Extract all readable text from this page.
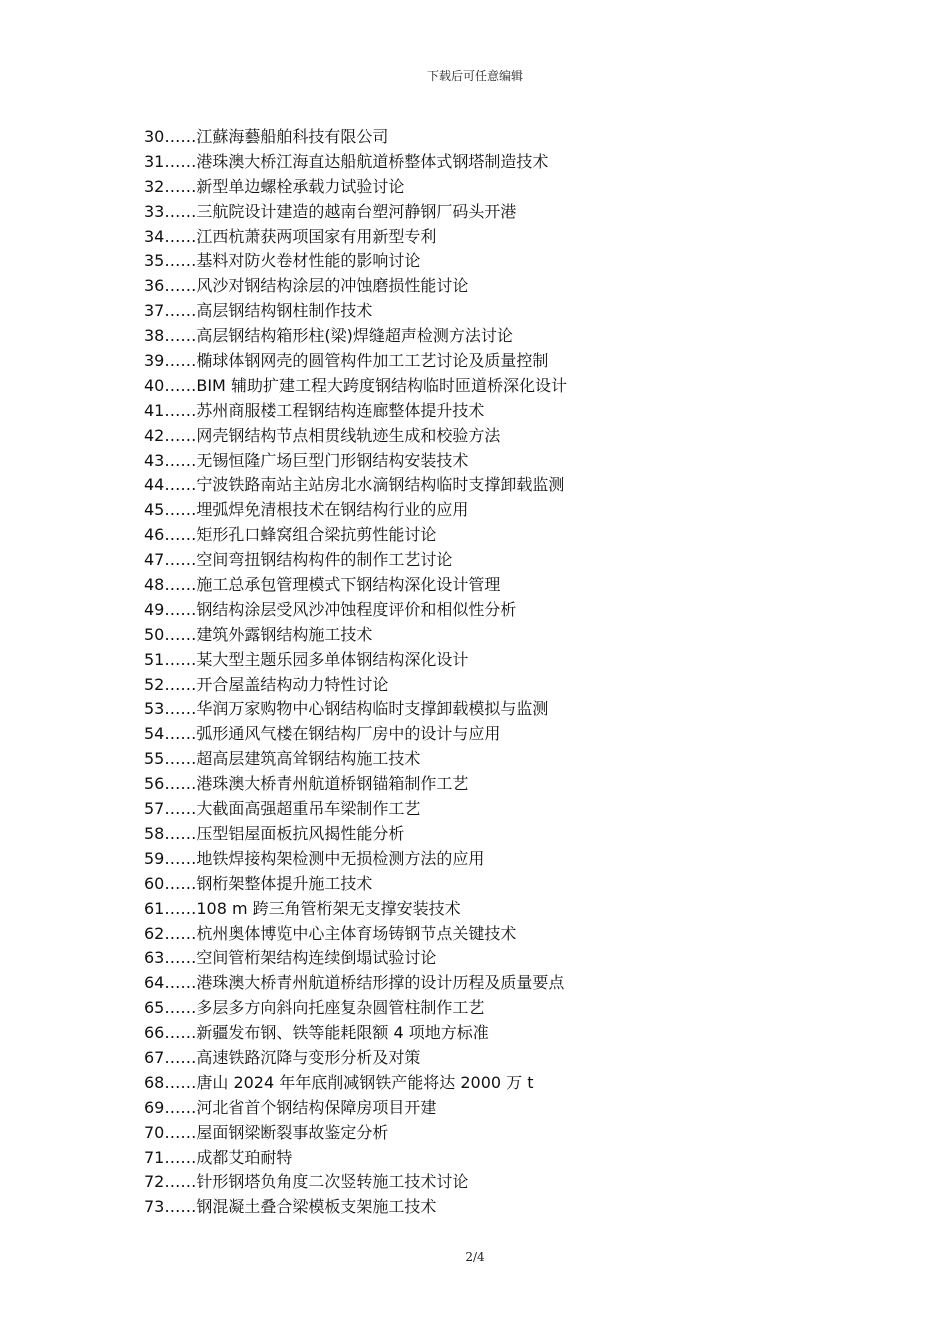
下载后可任意编辑
30……江蘇海藝船舶科技有限公司
31……港珠澳大桥江海直达船航道桥整体式钢塔制造技术
32……新型单边螺栓承载力试验讨论
33……三航院设计建造的越南台塑河静钢厂码头开港
34……江西杭萧获两项国家有用新型专利
35……基料对防火卷材性能的影响讨论
36……风沙对钢结构涂层的冲蚀磨损性能讨论
37……高层钢结构钢柱制作技术
38……高层钢结构箱形柱(梁)焊缝超声检测方法讨论
39……椭球体钢网壳的圆管构件加工工艺讨论及质量控制
40……BIM 辅助扩建工程大跨度钢结构临时匝道桥深化设计
41……苏州商服楼工程钢结构连廊整体提升技术
42……网壳钢结构节点相贯线轨迹生成和校验方法
43……无锡恒隆广场巨型门形钢结构安装技术
44……宁波铁路南站主站房北水滴钢结构临时支撑卸载监测
45……埋弧焊免清根技术在钢结构行业的应用
46……矩形孔口蜂窝组合梁抗剪性能讨论
47……空间弯扭钢结构构件的制作工艺讨论
48……施工总承包管理模式下钢结构深化设计管理
49……钢结构涂层受风沙冲蚀程度评价和相似性分析
50……建筑外露钢结构施工技术
51……某大型主题乐园多单体钢结构深化设计
52……开合屋盖结构动力特性讨论
53……华润万家购物中心钢结构临时支撑卸载模拟与监测
54……弧形通风气楼在钢结构厂房中的设计与应用
55……超高层建筑高耸钢结构施工技术
56……港珠澳大桥青州航道桥钢锚箱制作工艺
57……大截面高强超重吊车梁制作工艺
58……压型铝屋面板抗风揭性能分析
59……地铁焊接构架检测中无损检测方法的应用
60……钢桁架整体提升施工技术
61……108 m 跨三角管桁架无支撑安装技术
62……杭州奥体博览中心主体育场铸钢节点关键技术
63……空间管桁架结构连续倒塌试验讨论
64……港珠澳大桥青州航道桥结形撑的设计历程及质量要点
65……多层多方向斜向托座复杂圆管柱制作工艺
66……新疆发布钢、铁等能耗限额 4 项地方标准
67……高速铁路沉降与变形分析及对策
68……唐山 2024 年年底削减钢铁产能将达 2000 万 t
69……河北省首个钢结构保障房项目开建
70……屋面钢梁断裂事故鉴定分析
71……成都艾珀耐特
72……针形钢塔负角度二次竖转施工技术讨论
73……钢混凝土叠合梁模板支架施工技术
2/4
